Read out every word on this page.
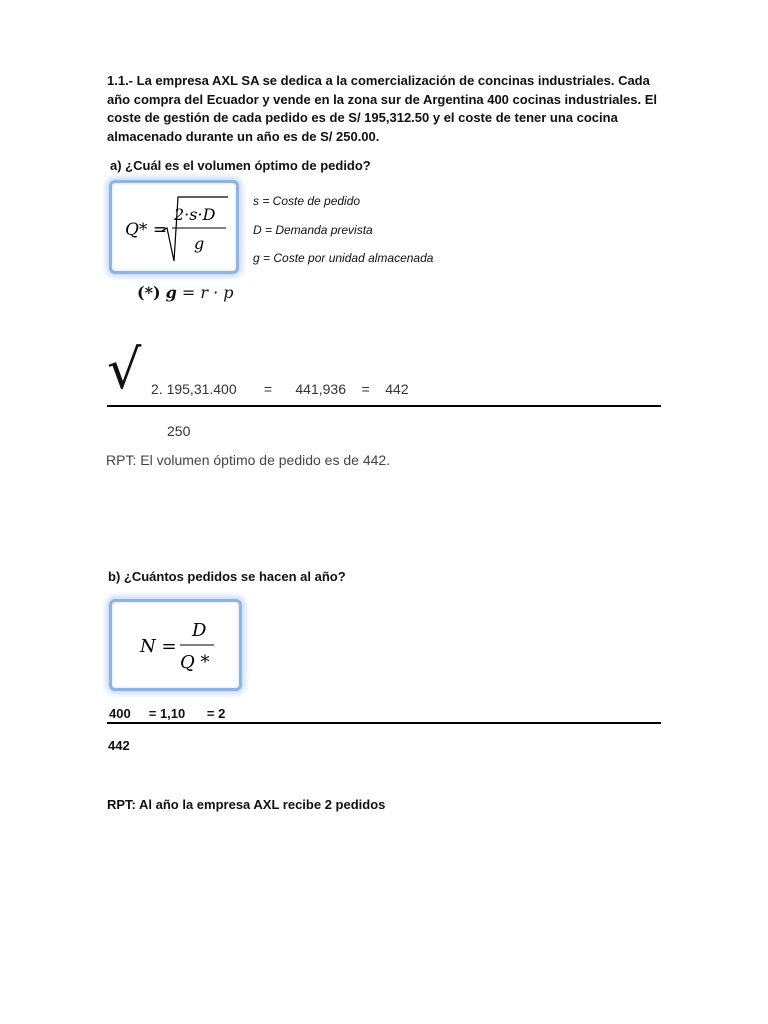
1.1.- La empresa AXL SA se dedica a la comercialización de concinas industriales. Cada año compra del Ecuador y vende en la zona sur de Argentina 400 cocinas industriales. El coste de gestión de cada pedido es de S/ 195,312.50 y el coste de tener una cocina almacenado durante un año es de S/ 250.00.
a) ¿Cuál es el volumen óptimo de pedido?
Q* =
2·s·D
g
s = Coste de pedido
D = Demanda prevista
g = Coste por unidad almacenada
(*) g = r · p
√ 2. 195,31.400       =      441,936    =    442
250
RPT: El volumen óptimo de pedido es de 442.
b) ¿Cuántos pedidos se hacen al año?
N =
D
Q *
400     = 1,10      = 2
442
RPT: Al año la empresa AXL recibe 2 pedidos
